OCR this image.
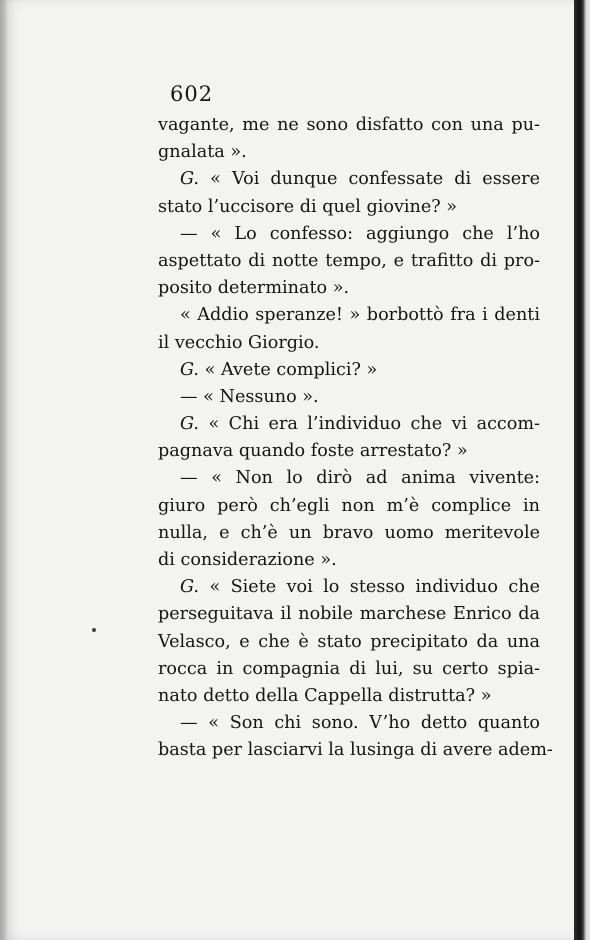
602
vagante, me ne sono disfatto con una pu-
gnalata ».
G. « Voi dunque confessate di essere
stato l’uccisore di quel giovine? »
— « Lo confesso: aggiungo che l’ho
aspettato di notte tempo, e trafitto di pro-
posito determinato ».
« Addio speranze! » borbottò fra i denti
il vecchio Giorgio.
G. « Avete complici? »
— « Nessuno ».
G. « Chi era l’individuo che vi accom-
pagnava quando foste arrestato? »
— « Non lo dirò ad anima vivente:
giuro però ch’egli non m’è complice in
nulla, e ch’è un bravo uomo meritevole
di considerazione ».
G. « Siete voi lo stesso individuo che
perseguitava il nobile marchese Enrico da
Velasco, e che è stato precipitato da una
rocca in compagnia di lui, su certo spia-
nato detto della Cappella distrutta? »
— « Son chi sono. V’ho detto quanto
basta per lasciarvi la lusinga di avere adem-
